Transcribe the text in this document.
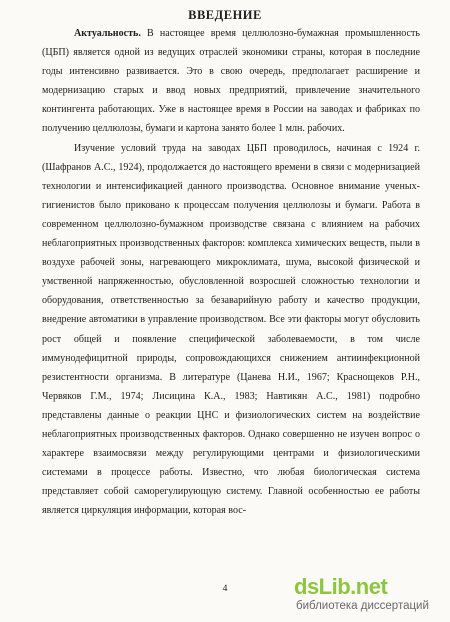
ВВЕДЕНИЕ

Актуальность. В настоящее время целлюлозно-бумажная промышленность (ЦБП) является одной из ведущих отраслей экономики страны, которая в последние годы интенсивно развивается. Это в свою очередь, предполагает расширение и модернизацию старых и ввод новых предприятий, привлечение значительного контингента работающих. Уже в настоящее время в России на заводах и фабриках по получению целлюлозы, бумаги и картона занято более 1 млн. рабочих.

Изучение условий труда на заводах ЦБП проводилось, начиная с 1924 г. (Шафранов А.С., 1924), продолжается до настоящего времени в связи с модернизацией технологии и интенсификацией данного производства. Основное внимание ученых-гигиенистов было приковано к процессам получения целлюлозы и бумаги. Работа в современном целлюлозно-бумажном производстве связана с влиянием на рабочих неблагоприятных производственных факторов: комплекса химических веществ, пыли в воздухе рабочей зоны, нагревающего микроклимата, шума, высокой физической и умственной напряженностью, обусловленной возросшей сложностью технологии и оборудования, ответственностью за безаварийную работу и качество продукции, внедрение автоматики в управление производством. Все эти факторы могут обусловить рост общей и появление специфической заболеваемости, в том числе иммунодефицитной природы, сопровождающихся снижением антиинфекционной резистентности организма. В литературе (Цанева Н.И., 1967; Краснощеков Р.Н., Червяков Г.М., 1974; Лисицина К.А., 1983; Навтикян А.С., 1981) подробно представлены данные о реакции ЦНС и физиологических систем на воздействие неблагоприятных производственных факторов. Однако совершенно не изучен вопрос о характере взаимосвязи между регулирующими центрами и физиологическими системами в процессе работы. Известно, что любая биологическая система представляет собой саморегулирующую систему. Главной особенностью ее работы является циркуляция информации, которая вос-

4	dsLib.net
библиотека диссертаций
